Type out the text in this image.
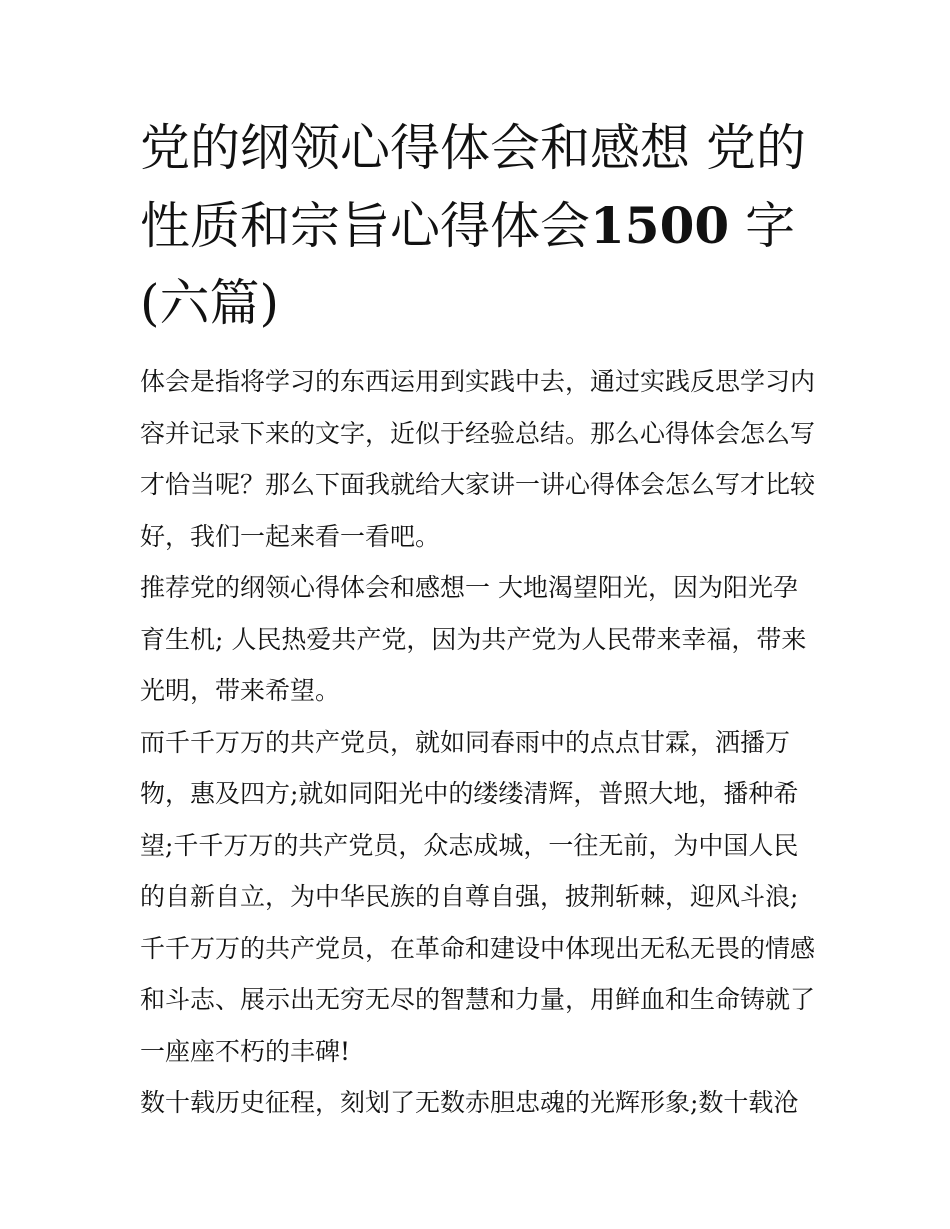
党的纲领心得体会和感想 党的
性质和宗旨心得体会1500 字
(六篇)

体会是指将学习的东西运用到实践中去，通过实践反思学习内
容并记录下来的文字，近似于经验总结。那么心得体会怎么写
才恰当呢？那么下面我就给大家讲一讲心得体会怎么写才比较
好，我们一起来看一看吧。

推荐党的纲领心得体会和感想一 大地渴望阳光，因为阳光孕
育生机; 人民热爱共产党，因为共产党为人民带来幸福，带来
光明，带来希望。

而千千万万的共产党员，就如同春雨中的点点甘霖，洒播万
物，惠及四方;就如同阳光中的缕缕清辉，普照大地，播种希
望;千千万万的共产党员，众志成城，一往无前，为中国人民
的自新自立，为中华民族的自尊自强，披荆斩棘，迎风斗浪;
千千万万的共产党员，在革命和建设中体现出无私无畏的情感
和斗志、展示出无穷无尽的智慧和力量，用鲜血和生命铸就了
一座座不朽的丰碑!

数十载历史征程，刻划了无数赤胆忠魂的光辉形象;数十载沧
